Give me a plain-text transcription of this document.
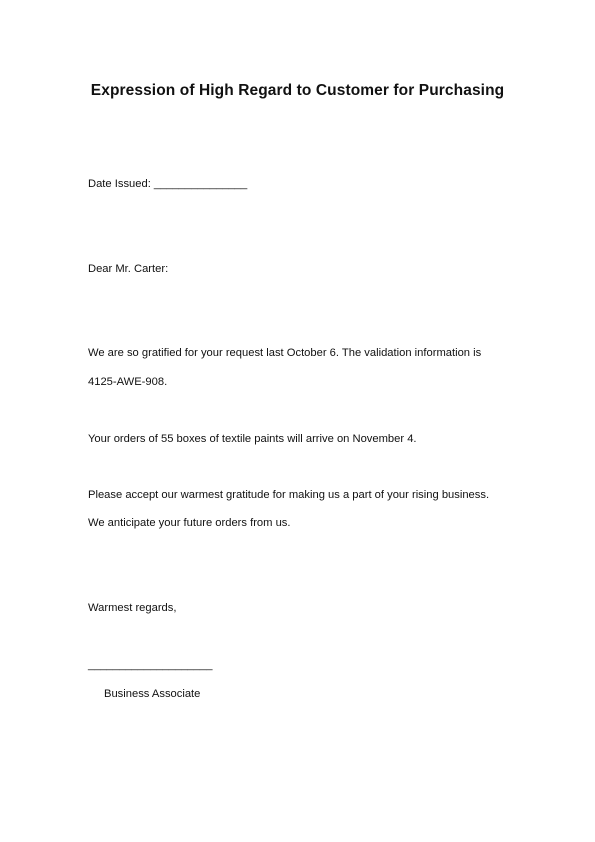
Expression of High Regard to Customer for Purchasing
Date Issued: _______________
Dear Mr. Carter:
We are so gratified for your request last October 6. The validation information is
4125-AWE-908.
Your orders of 55 boxes of textile paints will arrive on November 4.
Please accept our warmest gratitude for making us a part of your rising business.
We anticipate your future orders from us.
Warmest regards,
____________________
Business Associate
